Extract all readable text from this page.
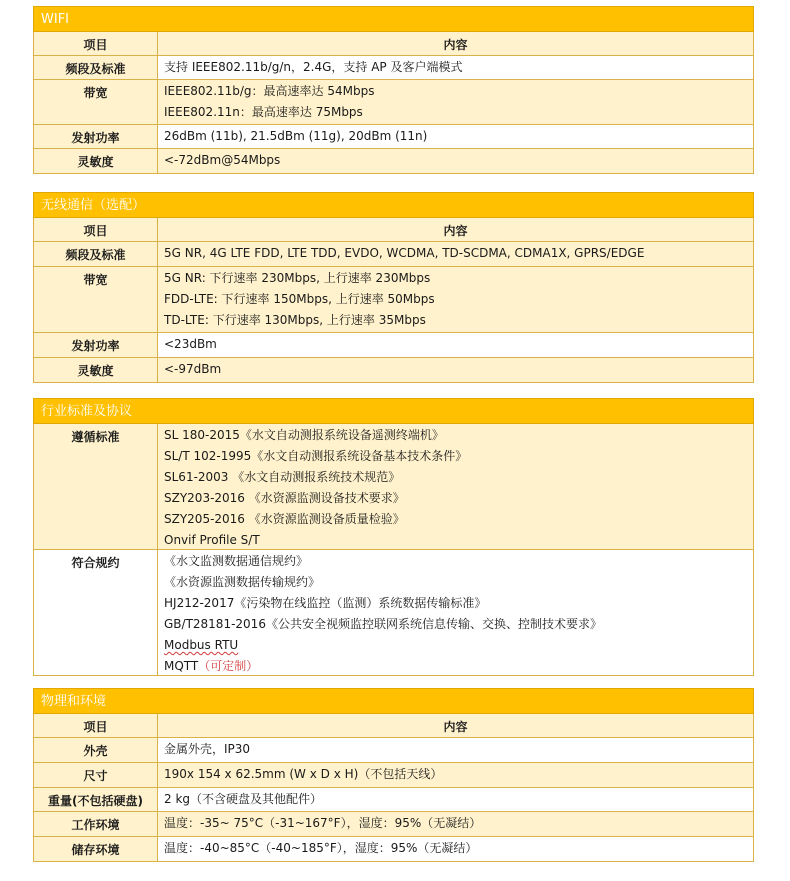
WIFI
项目	内容
频段及标准	支持 IEEE802.11b/g/n，2.4G，支持 AP 及客户端模式
带宽	IEEE802.11b/g：最高速率达 54Mbps
IEEE802.11n：最高速率达 75Mbps
发射功率	26dBm (11b), 21.5dBm (11g), 20dBm (11n)
灵敏度	<-72dBm@54Mbps
无线通信（选配）
项目	内容
频段及标准	5G NR, 4G LTE FDD, LTE TDD, EVDO, WCDMA, TD-SCDMA, CDMA1X, GPRS/EDGE
带宽	5G NR: 下行速率 230Mbps, 上行速率 230Mbps
FDD-LTE: 下行速率 150Mbps, 上行速率 50Mbps
TD-LTE: 下行速率 130Mbps, 上行速率 35Mbps
发射功率	<23dBm
灵敏度	<-97dBm
行业标准及协议
遵循标准	SL 180-2015《水文自动测报系统设备遥测终端机》
SL/T 102-1995《水文自动测报系统设备基本技术条件》
SL61-2003 《水文自动测报系统技术规范》
SZY203-2016 《水资源监测设备技术要求》
SZY205-2016 《水资源监测设备质量检验》
Onvif Profile S/T
符合规约	《水文监测数据通信规约》
《水资源监测数据传输规约》
HJ212-2017《污染物在线监控（监测）系统数据传输标准》
GB/T28181-2016《公共安全视频监控联网系统信息传输、交换、控制技术要求》
Modbus RTU
MQTT（可定制）
物理和环境
项目	内容
外壳	金属外壳，IP30
尺寸	190x 154 x 62.5mm (W x D x H)（不包括天线）
重量(不包括硬盘)	2 kg（不含硬盘及其他配件）
工作环境	温度：-35~ 75°C（-31~167°F），湿度：95%（无凝结）
储存环境	温度：-40~85°C（-40~185°F），湿度：95%（无凝结）
